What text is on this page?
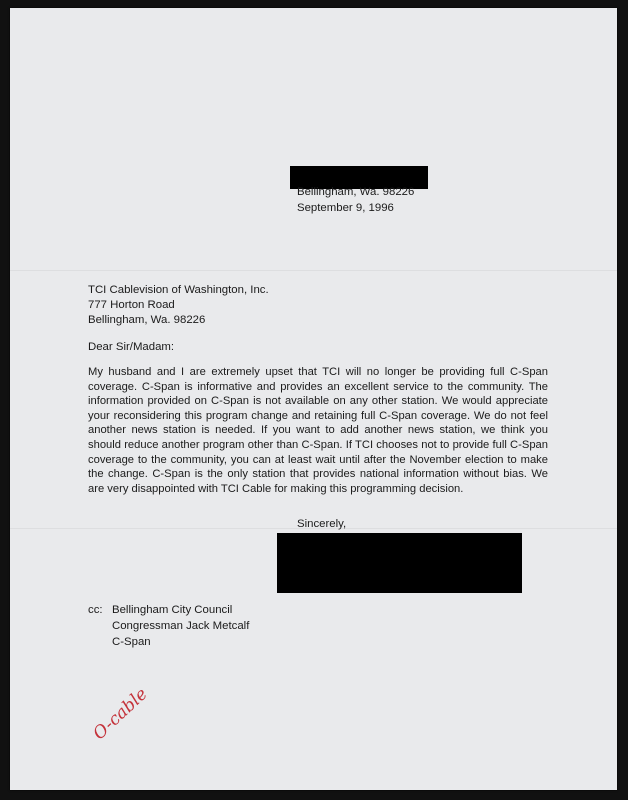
Bellingham, Wa. 98226
September 9, 1996
TCI Cablevision of Washington, Inc.
777 Horton Road
Bellingham, Wa. 98226
Dear Sir/Madam:
My husband and I are extremely upset that TCI will no longer be providing full C-Span coverage. C-Span is informative and provides an excellent service to the community. The information provided on C-Span is not available on any other station. We would appreciate your reconsidering this program change and retaining full C-Span coverage. We do not feel another news station is needed. If you want to add another news station, we think you should reduce another program other than C-Span. If TCI chooses not to provide full C-Span coverage to the community, you can at least wait until after the November election to make the change. C-Span is the only station that provides national information without bias. We are very disappointed with TCI Cable for making this programming decision.
Sincerely,
cc: Bellingham City Council
Congressman Jack Metcalf
C-Span
O-cable
